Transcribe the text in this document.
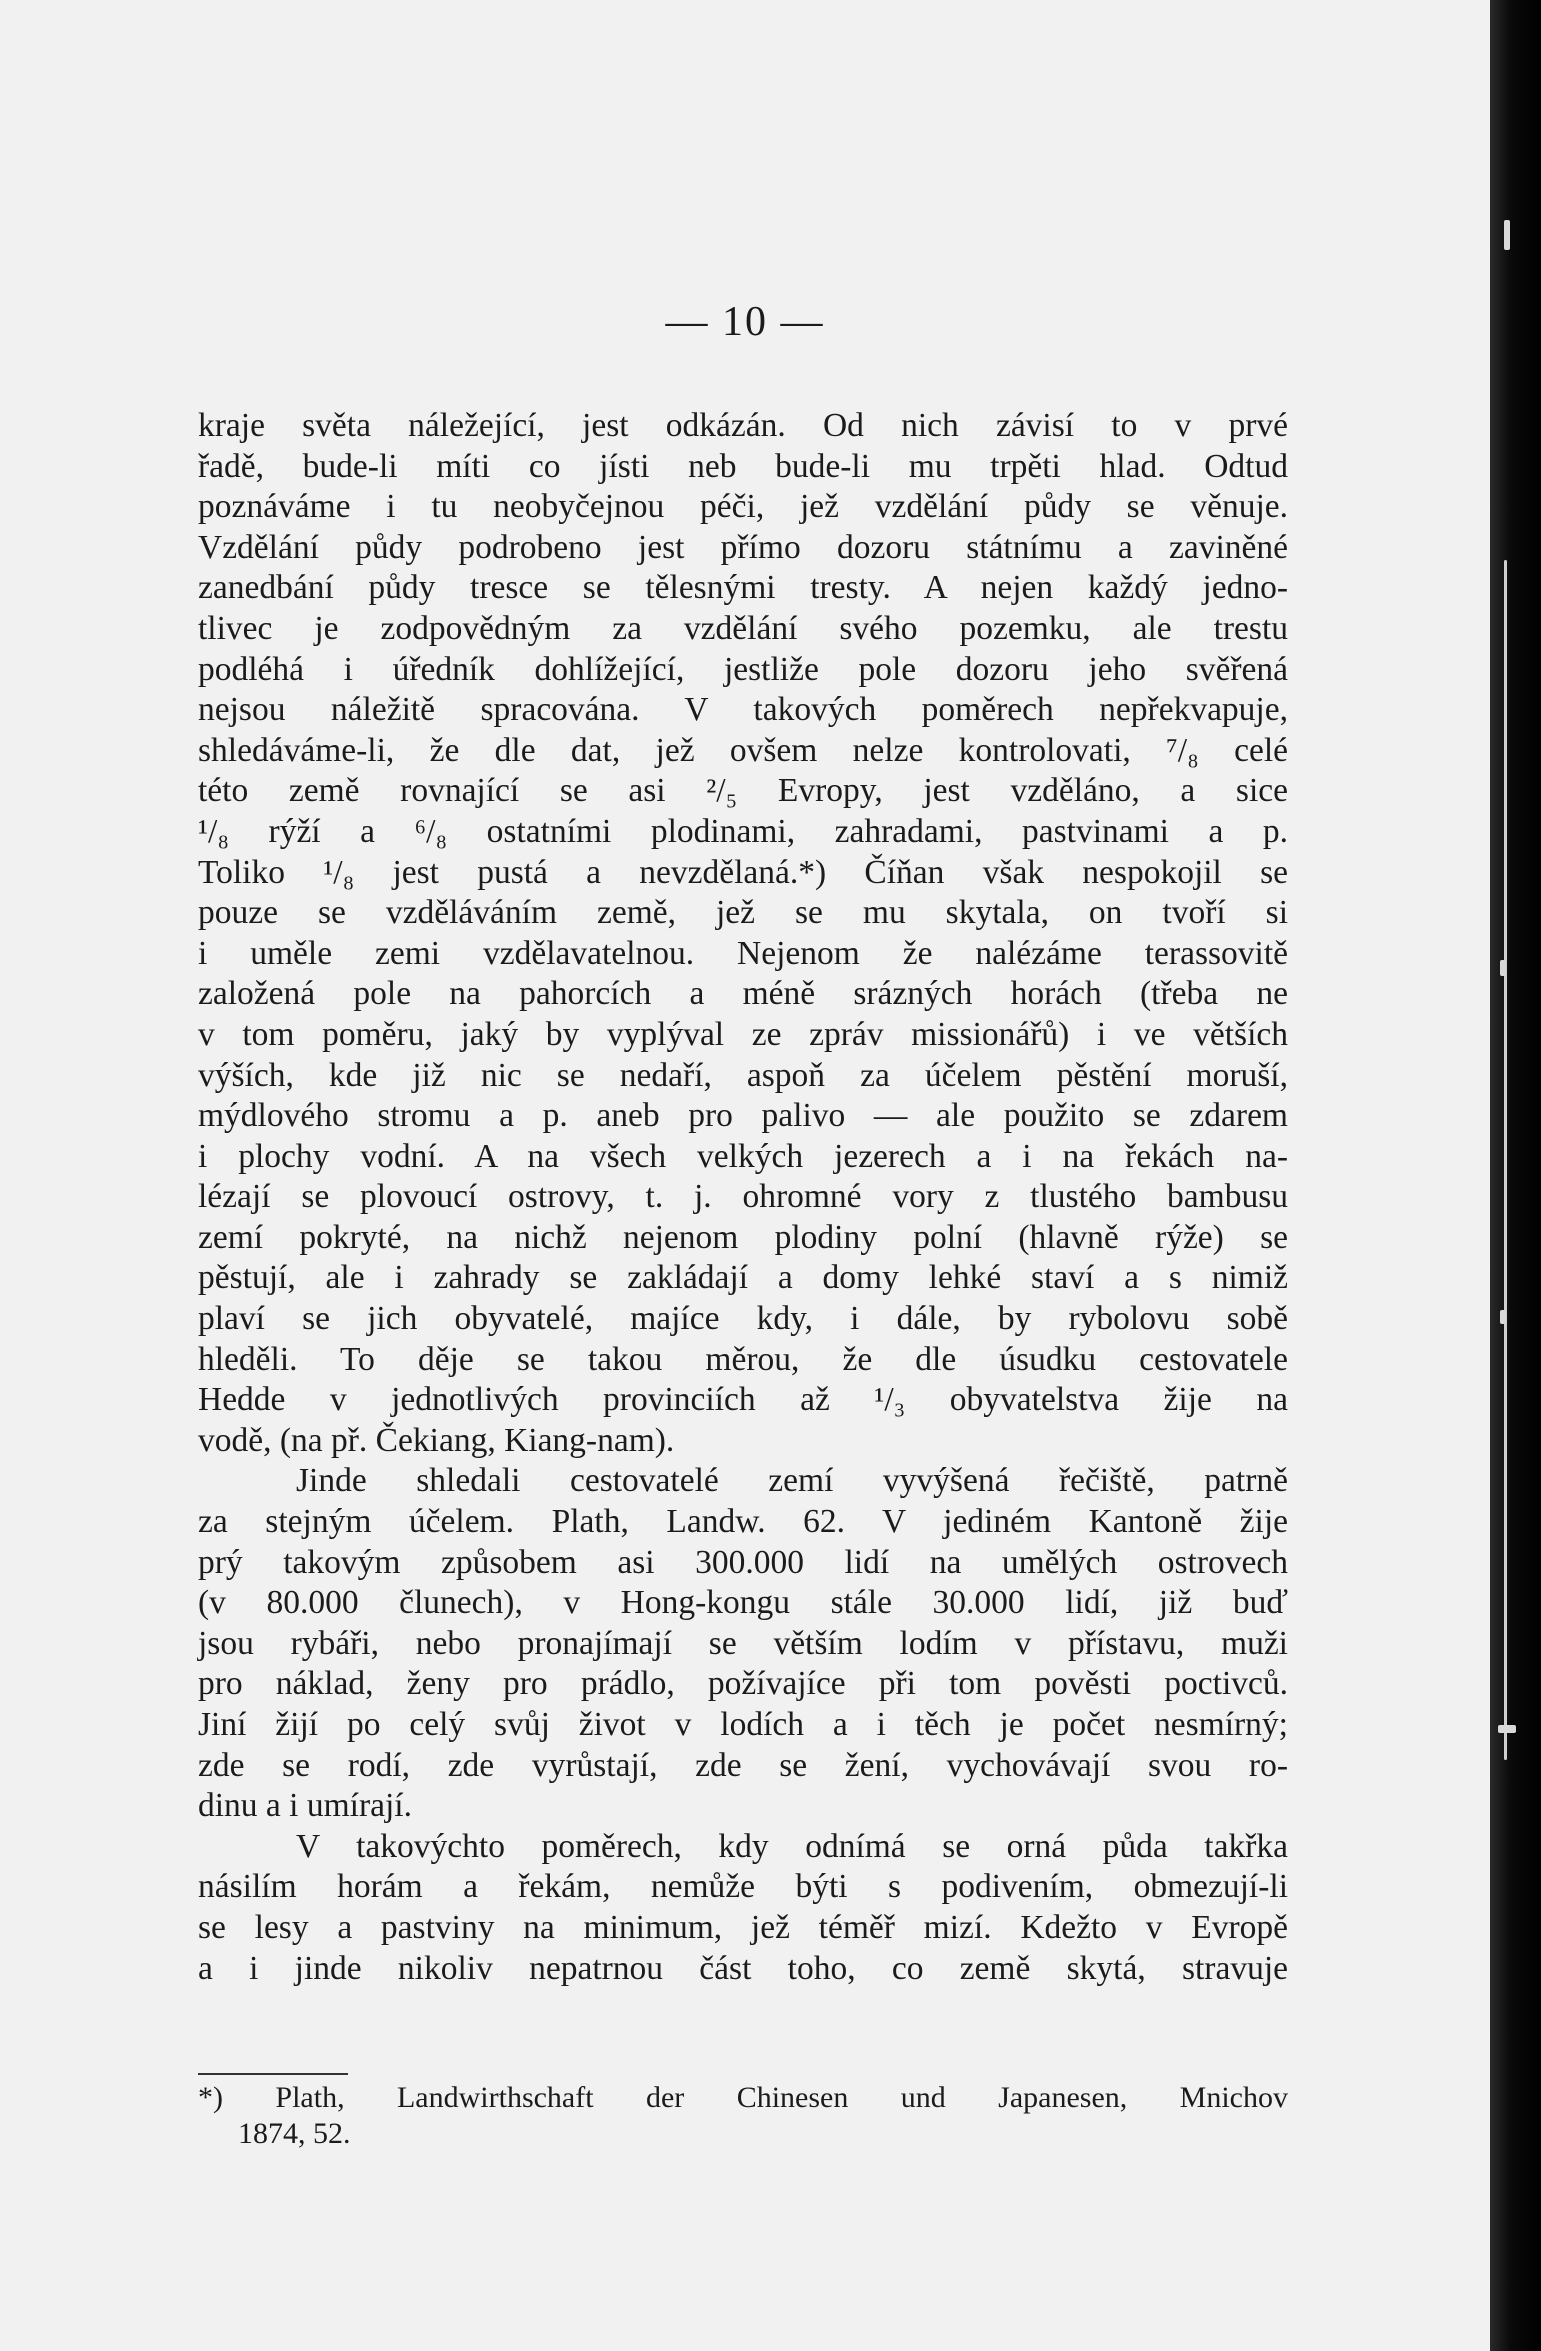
— 10 —
kraje světa náležející, jest odkázán. Od nich závisí to v prvé
řadě, bude-li míti co jísti neb bude-li mu trpěti hlad. Odtud
poznáváme i tu neobyčejnou péči, jež vzdělání půdy se věnuje.
Vzdělání půdy podrobeno jest přímo dozoru státnímu a zaviněné
zanedbání půdy tresce se tělesnými tresty. A nejen každý jedno-
tlivec je zodpovědným za vzdělání svého pozemku, ale trestu
podléhá i úředník dohlížející, jestliže pole dozoru jeho svěřená
nejsou náležitě spracována. V takových poměrech nepřekvapuje,
shledáváme-li, že dle dat, jež ovšem nelze kontrolovati, ⁷/₈ celé
této země rovnající se asi ²/₅ Evropy, jest vzděláno, a sice
¹/₈ rýží a ⁶/₈ ostatními plodinami, zahradami, pastvinami a p.
Toliko ¹/₈ jest pustá a nevzdělaná.*) Číňan však nespokojil se
pouze se vzděláváním země, jež se mu skytala, on tvoří si
i uměle zemi vzdělavatelnou. Nejenom že nalézáme terassovitě
založená pole na pahorcích a méně srázných horách (třeba ne
v tom poměru, jaký by vyplýval ze zpráv missionářů) i ve větších
výších, kde již nic se nedaří, aspoň za účelem pěstění moruší,
mýdlového stromu a p. aneb pro palivo — ale použito se zdarem
i plochy vodní. A na všech velkých jezerech a i na řekách na-
lézají se plovoucí ostrovy, t. j. ohromné vory z tlustého bambusu
zemí pokryté, na nichž nejenom plodiny polní (hlavně rýže) se
pěstují, ale i zahrady se zakládají a domy lehké staví a s nimiž
plaví se jich obyvatelé, majíce kdy, i dále, by rybolovu sobě
hleděli. To děje se takou měrou, že dle úsudku cestovatele
Hedde v jednotlivých provinciích až ¹/₃ obyvatelstva žije na
vodě, (na př. Čekiang, Kiang-nam).
Jinde shledali cestovatelé zemí vyvýšená řečiště, patrně
za stejným účelem. Plath, Landw. 62. V jediném Kantoně žije
prý takovým způsobem asi 300.000 lidí na umělých ostrovech
(v 80.000 člunech), v Hong-kongu stále 30.000 lidí, již buď
jsou rybáři, nebo pronajímají se větším lodím v přístavu, muži
pro náklad, ženy pro prádlo, požívajíce při tom pověsti poctivců.
Jiní žijí po celý svůj život v lodích a i těch je počet nesmírný;
zde se rodí, zde vyrůstají, zde se žení, vychovávají svou ro-
dinu a i umírají.
V takovýchto poměrech, kdy odnímá se orná půda takřka
násilím horám a řekám, nemůže býti s podivením, obmezují-li
se lesy a pastviny na minimum, jež téměř mizí. Kdežto v Evropě
a i jinde nikoliv nepatrnou část toho, co země skytá, stravuje
*) Plath, Landwirthschaft der Chinesen und Japanesen, Mnichov
1874, 52.
